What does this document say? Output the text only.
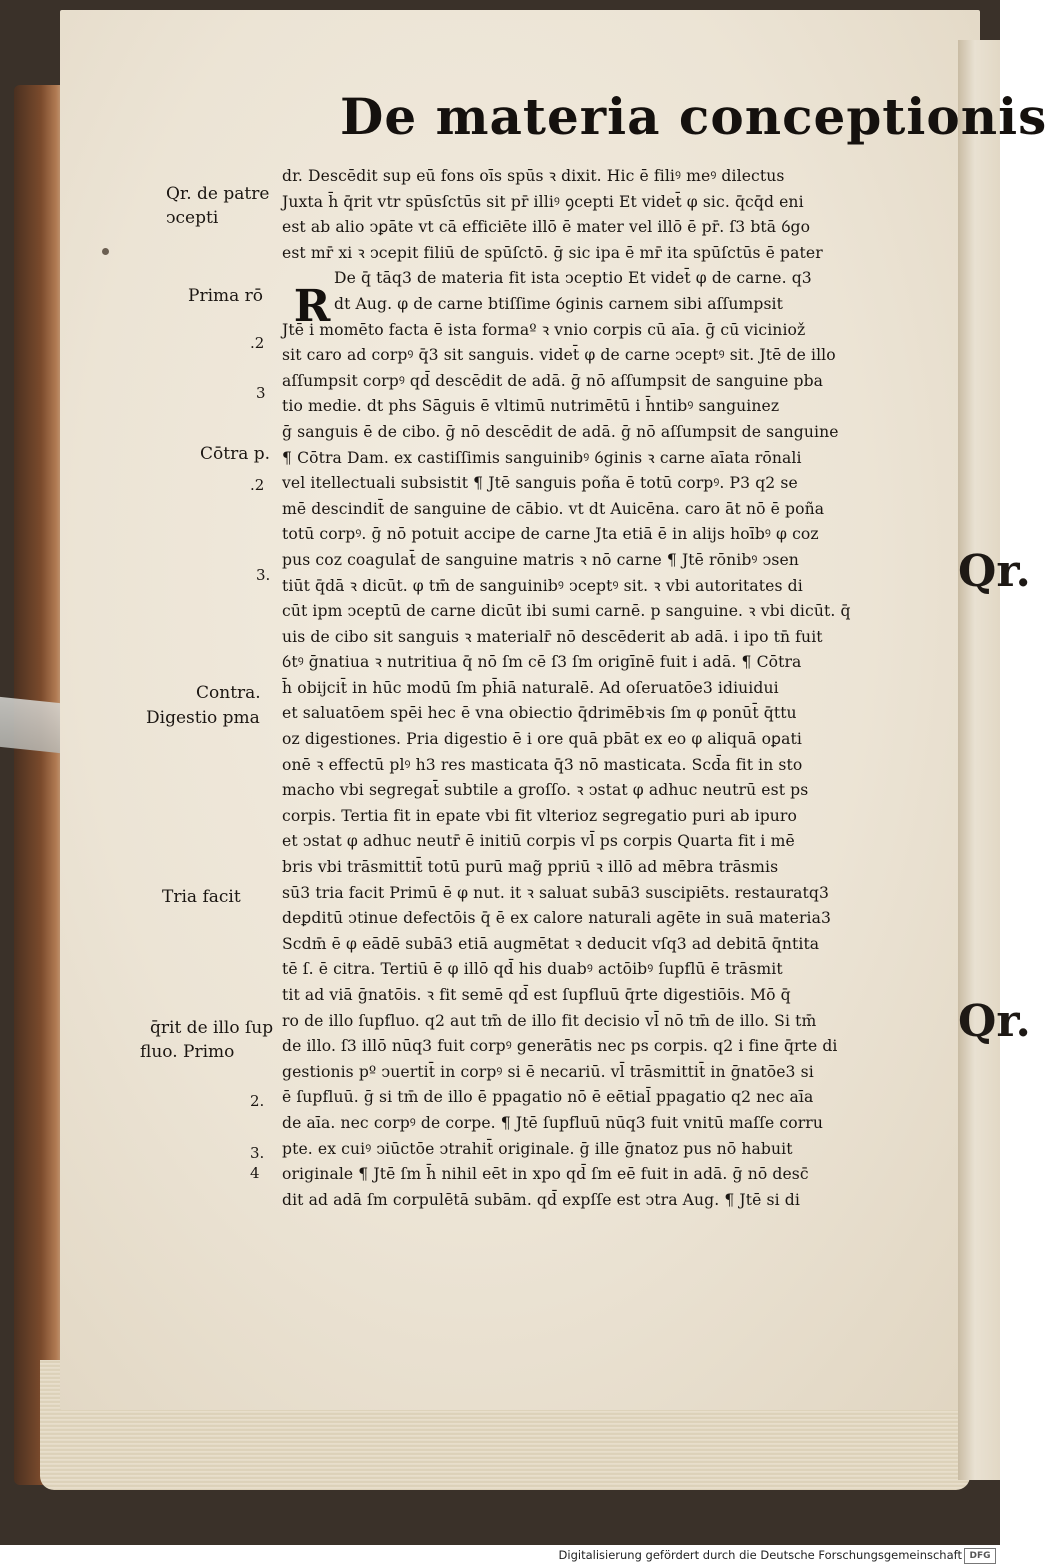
Qr.
Qr.
De materia conceptionis
R
dr. Descēdit sup eū fons oīs spūs ꝛ dixit. Hic ē filiꝰ meꝰ dilectus
Juxta h̄ q̄rit vtr spūsſctūs sit pr̄ illiꝰ ꝯcepti Et videt̄ φ sic. q̄cq̄d eni
est ab alio ↄꝑāte vt cā efficiēte illō ē mater vel illō ē pr̄. ſ3 btā ỽgo
est mr̄ xi ꝛ ↄcepit filiū de spūſctō. ḡ sic ipa ē mr̄ ita spūſctūs ē pater
De q̄ tāq3 de materia fit ista ↄceptio Et videt̄ φ de carne. q3
dt Aug. φ de carne btiſſime ỽginis carnem sibi aſſumpsit
Jtē i momēto facta ē ista formaº ꝛ vnio corpis cū aīa. ḡ cū viciniož
sit caro ad corpꝰ q̄3 sit sanguis. videt̄ φ de carne ↄceptꝰ sit. Jtē de illo
aſſumpsit corpꝰ qd̄ descēdit de adā. ḡ nō aſſumpsit de sanguine pba
tio medie. dt phs Sāguis ē vltimū nutrimētū i h̄ntibꝰ sanguinez
ḡ sanguis ē de cibo. ḡ nō descēdit de adā. ḡ nō aſſumpsit de sanguine
¶ Cōtra Dam. ex castiſſimis sanguinibꝰ ỽginis ꝛ carne aīata rōnali
vel itellectuali subsistit ¶ Jtē sanguis poña ē totū corpꝰ. P3 q2 se
mē descindit̄ de sanguine de cābio. vt dt Auicēna. caro āt nō ē poña
totū corpꝰ. ḡ nō potuit accipe de carne Jta etiā ē in alijs hoībꝰ φ coz
pus coz coagulat̄ de sanguine matris ꝛ nō carne ¶ Jtē rōnibꝰ ↄsen
tiūt q̄dā ꝛ dicūt. φ tm̄ de sanguinibꝰ ↄceptꝰ sit. ꝛ vbi autoritates di
cūt ipm ↄceptū de carne dicūt ibi sumi carnē. p sanguine. ꝛ vbi dicūt. q̄
uis de cibo sit sanguis ꝛ materialr̄ nō descēderit ab adā. i ipo tn̄ fuit
ỽtꝰ ḡnatiua ꝛ nutritiua q̄ nō ſm cē ſ3 ſm origīnē fuit i adā. ¶ Cōtra
h̄ obijcit̄ in hūc modū ſm ph̄iā naturalē. Ad oſeruatōe3 idiuidui
et saluatōem spēi hec ē vna obiectio q̄drimēbꝛis ſm φ ponūt̄ q̄ttu
oz digestiones. Pria digestio ē i ore quā pbāt ex eo φ aliquā oꝑati
onē ꝛ effectū plꝰ h3 res masticata q̄3 nō masticata. Scd̄a fit in sto
macho vbi segregat̄ subtile a groſſo. ꝛ ↄstat φ adhuc neutrū est ps
corpis. Tertia fit in epate vbi fit vlterioz segregatio puri ab ipuro
et ↄstat φ adhuc neutr̄ ē initiū corpis vl̄ ps corpis Quarta fit i mē
bris vbi trāsmittit̄ totū purū mag̃ ppriū ꝛ illō ad mēbra trāsmis
sū3 tria facit Primū ē φ nut. it ꝛ saluat subā3 suscipiēts. restauratq3
deꝑditū ↄtinue defectōis q̄ ē ex calore naturali agēte in suā materia3
Scdm̄ ē φ eādē subā3 etiā augmētat ꝛ deducit vſq3 ad debitā q̄ntita
tē ſ. ē citra. Tertiū ē φ illō qd̄ his duabꝰ actōibꝰ ſupflū ē trāsmit
tit ad viā ḡnatōis. ꝛ fit semē qd̄ est ſupfluū q̄rte digestiōis. Mō q̄
ro de illo ſupfluo. q2 aut tm̄ de illo fit decisio vl̄ nō tm̄ de illo. Si tm̄
de illo. ſ3 illō nūq3 fuit corpꝰ generātis nec ps corpis. q2 i fine q̄rte di
gestionis pº ↄuertit̄ in corpꝰ si ē necariū. vl̄ trāsmittit̄ in ḡnatōe3 si
ē ſupfluū. ḡ si tm̄ de illo ē ppagatio nō ē eētial̄ ppagatio q2 nec aīa
de aīa. nec corpꝰ de corpe. ¶ Jtē ſupfluū nūq3 fuit vnitū maſſe corru
pte. ex cuiꝰ ↄiūctōe ↄtrahit̄ originale. ḡ ille ḡnatoz pus nō habuit
originale ¶ Jtē ſm h̄ nihil eēt in xpo qd̄ ſm eē fuit in adā. ḡ nō desc̄
dit ad adā ſm corpulētā subām. qd̄ expſſe est ↄtra Aug. ¶ Jtē si di
Qr. de patre
ↄcepti
Prima rō
Cōtra p.
Contra.
Digestio pma
Tria facit
q̄rit de illo ſup
fluo. Primo
.2
3
.2
3.
2.
3.
4
Digitalisierung gefördert durch die Deutsche Forschungsgemeinschaft DFG
